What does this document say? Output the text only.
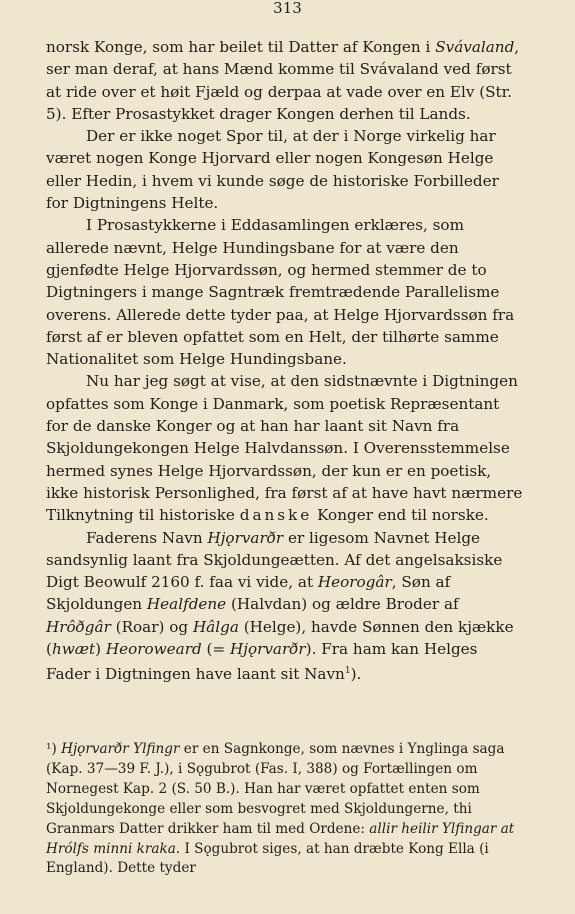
313

norsk Konge, som har beilet til Datter af Kongen i Svávaland, ser man deraf, at hans Mænd komme til Svávaland ved først at ride over et høit Fjæld og derpaa at vade over en Elv (Str. 5). Efter Prosastykket drager Kongen derhen til Lands.

Der er ikke noget Spor til, at der i Norge virkelig har været nogen Konge Hjorvard eller nogen Kongesøn Helge eller Hedin, i hvem vi kunde søge de historiske Forbilleder for Digtningens Helte.

I Prosastykkerne i Eddasamlingen erklæres, som allerede nævnt, Helge Hundingsbane for at være den gjenfødte Helge Hjorvardssøn, og hermed stemmer de to Digtningers i mange Sagntræk fremtrædende Parallelisme overens. Allerede dette tyder paa, at Helge Hjorvardssøn fra først af er bleven opfattet som en Helt, der tilhørte samme Nationalitet som Helge Hundingsbane.

Nu har jeg søgt at vise, at den sidstnævnte i Digtningen opfattes som Konge i Danmark, som poetisk Repræsentant for de danske Konger og at han har laant sit Navn fra Skjoldungekongen Helge Halvdanssøn. I Overensstemmelse hermed synes Helge Hjorvardssøn, der kun er en poetisk, ikke historisk Personlighed, fra først af at have havt nærmere Tilknytning til historiske danske Konger end til norske.

Faderens Navn Hjǫrvarðr er ligesom Navnet Helge sandsynlig laant fra Skjoldungeætten. Af det angelsaksiske Digt Beowulf 2160 f. faa vi vide, at Heorogâr, Søn af Skjoldungen Healfdene (Halvdan) og ældre Broder af Hrôðgâr (Roar) og Hâlga (Helge), havde Sønnen den kjække (hwæt) Heoroweard (= Hjǫrvarðr). Fra ham kan Helges Fader i Digtningen have laant sit Navn$^1$).

¹) Hjǫrvarðr Ylfingr er en Sagnkonge, som nævnes i Ynglinga saga (Kap. 37—39 F. J.), i Sǫgubrot (Fas. I, 388) og Fortællingen om Nornegest Kap. 2 (S. 50 B.). Han har været opfattet enten som Skjoldungekonge eller som besvogret med Skjoldungerne, thi Granmars Datter drikker ham til med Ordene: allir heilir Ylfingar at Hrólfs minni kraka. I Sǫgubrot siges, at han dræbte Kong Ella (i England). Dette tyder
